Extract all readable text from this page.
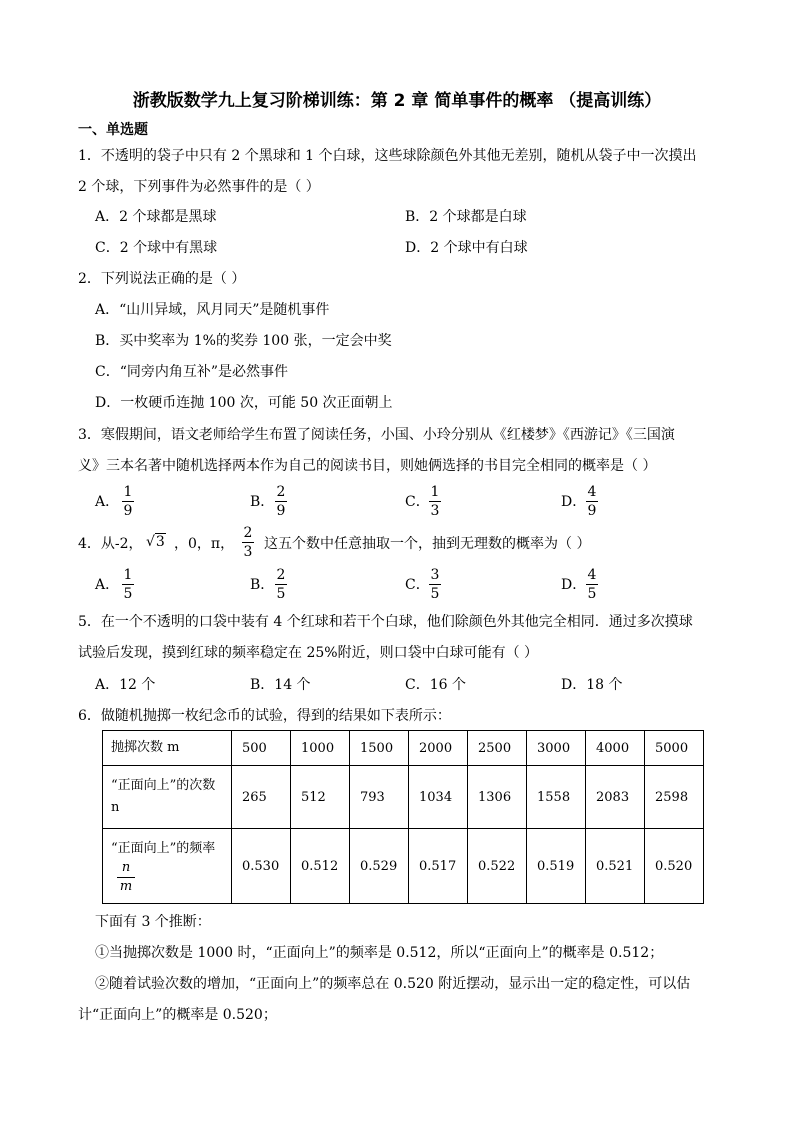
浙教版数学九上复习阶梯训练：第 2 章 简单事件的概率 （提高训练）
一、单选题
1．不透明的袋子中只有 2 个黑球和 1 个白球，这些球除颜色外其他无差别，随机从袋子中一次摸出
2 个球，下列事件为必然事件的是（ ）
A．2 个球都是黑球	B．2 个球都是白球
C．2 个球中有黑球	D．2 个球中有白球
2．下列说法正确的是（ ）
A．“山川异域，风月同天”是随机事件
B．买中奖率为 1%的奖券 100 张，一定会中奖
C．“同旁内角互补”是必然事件
D．一枚硬币连抛 100 次，可能 50 次正面朝上
3．寒假期间，语文老师给学生布置了阅读任务，小国、小玲分别从《红楼梦》《西游记》《三国演
义》三本名著中随机选择两本作为自己的阅读书目，则她俩选择的书目完全相同的概率是（ ）
A．
1
9
B．
2
9
C．
1
3
D．
4
9
4．从-2， √3 ，0，π，
2
3 这五个数中任意抽取一个，抽到无理数的概率为（ ）
A．
1
5
B．
2
5
C．
3
5
D．
4
5
5．在一个不透明的口袋中装有 4 个红球和若干个白球，他们除颜色外其他完全相同．通过多次摸球
试验后发现，摸到红球的频率稳定在 25%附近，则口袋中白球可能有（ ）
A．12 个	B．14 个	C．16 个	D．18 个
6．做随机抛掷一枚纪念币的试验，得到的结果如下表所示：
抛掷次数 m	500	1000	1500	2000	2500	3000	4000	5000
“正面向上”的次数
n	265	512	793	1034	1306	1558	2083	2598
“正面向上”的频率
$\frac{n}{m}$	0.530	0.512	0.529	0.517	0.522	0.519	0.521	0.520
下面有 3 个推断：
①当抛掷次数是 1000 时，“正面向上”的频率是 0.512，所以“正面向上”的概率是 0.512；
②随着试验次数的增加，“正面向上”的频率总在 0.520 附近摆动，显示出一定的稳定性，可以估
计“正面向上”的概率是 0.520；
